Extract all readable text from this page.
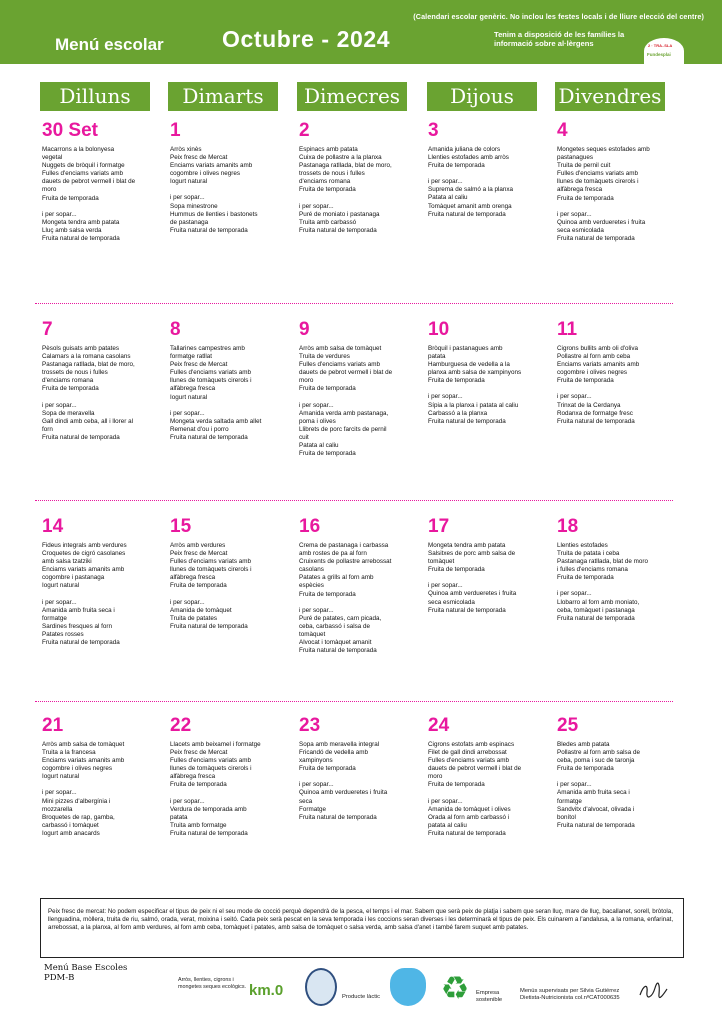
(Calendari escolar genèric. No inclou les festes locals i de lliure elecció del centre)
Menú escolar	Octubre - 2024	Tenim a disposició de les famílies la informació sobre al·lèrgens	2 · TRA..SLA
Fundesplai
Dilluns	Dimarts	Dimecres	Dijous	Divendres
30 Set
Macarrons a la bolonyesa
vegetal
Nuggets de bròquil i formatge
Fulles d'enciams variats amb
dauets de pebrot vermell i blat de
moro
Fruita de temporada
i per sopar...
Mongeta tendra amb patata
Lluç amb salsa verda
Fruita natural de temporada
1
Arròs xinès
Peix fresc de Mercat
Enciams variats amanits amb
cogombre i olives negres
Iogurt natural
i per sopar...
Sopa minestrone
Hummus de llenties i bastonets
de pastanaga
Fruita natural de temporada
2
Espinacs amb patata
Cuixa de pollastre a la planxa
Pastanaga ratllada, blat de moro,
trossets de nous i fulles
d'enciams romana
Fruita de temporada
i per sopar...
Puré de moniato i pastanaga
Truita amb carbassó
Fruita natural de temporada
3
Amanida juliana de colors
Llenties estofades amb arròs
Fruita de temporada
i per sopar...
Suprema de salmó a la planxa
Patata al caliu
Tomàquet amanit amb orenga
Fruita natural de temporada
4
Mongetes seques estofades amb
pastanagues
Truita de pernil cuit
Fulles d'enciams variats amb
llunes de tomàquets cirerols i
alfàbrega fresca
Fruita de temporada
i per sopar...
Quinoa amb verdueretes i fruita
seca esmicolada
Fruita natural de temporada
7
Pèsols guisats amb patates
Calamars a la romana casolans
Pastanaga ratllada, blat de moro,
trossets de nous i fulles
d'enciams romana
Fruita de temporada
i per sopar...
Sopa de meravella
Gall dindi amb ceba, all i llorer al
forn
Fruita natural de temporada
8
Tallarines campestres amb
formatge ratllat
Peix fresc de Mercat
Fulles d'enciams variats amb
llunes de tomàquets cirerols i
alfàbrega fresca
Iogurt natural
i per sopar...
Mongeta verda saltada amb allet
Remenat d'ou i porro
Fruita natural de temporada
9
Arròs amb salsa de tomàquet
Truita de verdures
Fulles d'enciams variats amb
dauets de pebrot vermell i blat de
moro
Fruita de temporada
i per sopar...
Amanida verda amb pastanaga,
poma i olives
Llibrets de porc farcits de pernil
cuit
Patata al caliu
Fruita de temporada
10
Bròquil i pastanagues amb
patata
Hamburguesa de vedella a la
planxa amb salsa de xampinyons
Fruita de temporada
i per sopar...
Sípia a la planxa i patata al caliu
Carbassó a la planxa
Fruita natural de temporada
11
Cigrons bullits amb oli d'oliva
Pollastre al forn amb ceba
Enciams variats amanits amb
cogombre i olives negres
Fruita de temporada
i per sopar...
Trinxat de la Cerdanya
Rodanxa de formatge fresc
Fruita natural de temporada
14
Fideus integrals amb verdures
Croquetes de cigró casolanes
amb salsa tzatziki
Enciams variats amanits amb
cogombre i pastanaga
Iogurt natural
i per sopar...
Amanida amb fruita seca i
formatge
Sardines fresques al forn
Patates rosses
Fruita natural de temporada
15
Arròs amb verdures
Peix fresc de Mercat
Fulles d'enciams variats amb
llunes de tomàquets cirerols i
alfàbrega fresca
Fruita de temporada
i per sopar...
Amanida de tomàquet
Truita de patates
Fruita natural de temporada
16
Crema de pastanaga i carbassa
amb rostes de pa al forn
Cruixents de pollastre arrebossat
casolans
Patates a grills al forn amb
espècies
Fruita de temporada
i per sopar...
Puré de patates, carn picada,
ceba, carbassó i salsa de
tomàquet
Alvocat i tomàquet amanit
Fruita natural de temporada
17
Mongeta tendra amb patata
Salsitxes de porc amb salsa de
tomàquet
Fruita de temporada
i per sopar...
Quinoa amb verdueretes i fruita
seca esmicolada
Fruita natural de temporada
18
Llenties estofades
Truita de patata i ceba
Pastanaga ratllada, blat de moro
i fulles d'enciams romana
Fruita de temporada
i per sopar...
Llobarro al forn amb moniato,
ceba, tomàquet i pastanaga
Fruita natural de temporada
21
Arròs amb salsa de tomàquet
Truita a la francesa
Enciams variats amanits amb
cogombre i olives negres
Iogurt natural
i per sopar...
Mini pizzes d'albergínia i
mozzarella
Broquetes de rap, gamba,
carbassó i tomàquet
Iogurt amb anacards
22
Llacets amb beixamel i formatge
Peix fresc de Mercat
Fulles d'enciams variats amb
llunes de tomàquets cirerols i
alfàbrega fresca
Fruita de temporada
i per sopar...
Verdura de temporada amb
patata
Truita amb formatge
Fruita natural de temporada
23
Sopa amb meravella integral
Fricandó de vedella amb
xampinyons
Fruita de temporada
i per sopar...
Quinoa amb verdueretes i fruita
seca
Formatge
Fruita natural de temporada
24
Cigrons estofats amb espinacs
Filet de gall dindi arrebossat
Fulles d'enciams variats amb
dauets de pebrot vermell i blat de
moro
Fruita de temporada
i per sopar...
Amanida de tomàquet i olives
Orada al forn amb carbassó i
patata al caliu
Fruita natural de temporada
25
Bledes amb patata
Pollastre al forn amb salsa de
ceba, poma i suc de taronja
Fruita de temporada
i per sopar...
Amanida amb fruita seca i
formatge
Sandvitx d'alvocat, olivada i
bonítol
Fruita natural de temporada
Peix fresc de mercat: No podem especificar el tipus de peix ni el seu mode de cocció perquè dependrà de la pesca, el temps i el mar. Sabem que serà peix de platja i sabem que seran lluç, mare de lluç, bacallanet, sorell, bròtola, llenguadina, mòllera, truita de riu, salmó, orada, verat, moixina i seitó. Cada peix serà pescat en la seva temporada i les coccions seran diverses i les determinarà el tipus de peix. Els cuinarem a l'andalusa, a la romana, enfarinat, arrebossat, a la planxa, al forn amb verdures, al forn amb ceba, tomàquet i patates, amb salsa de tomàquet o salsa verda, amb salsa d'anet i també farem suquet amb patates.
Menú Base Escoles
PDM-B	Arròs, llenties, cigrons i mongetes seques ecològics. km.0	Producte làctic ♻	Empresa
sostenible
Menús supervisats per Silvia Gutiérrez
Dietista-Nutricionista col.nºCAT000635
